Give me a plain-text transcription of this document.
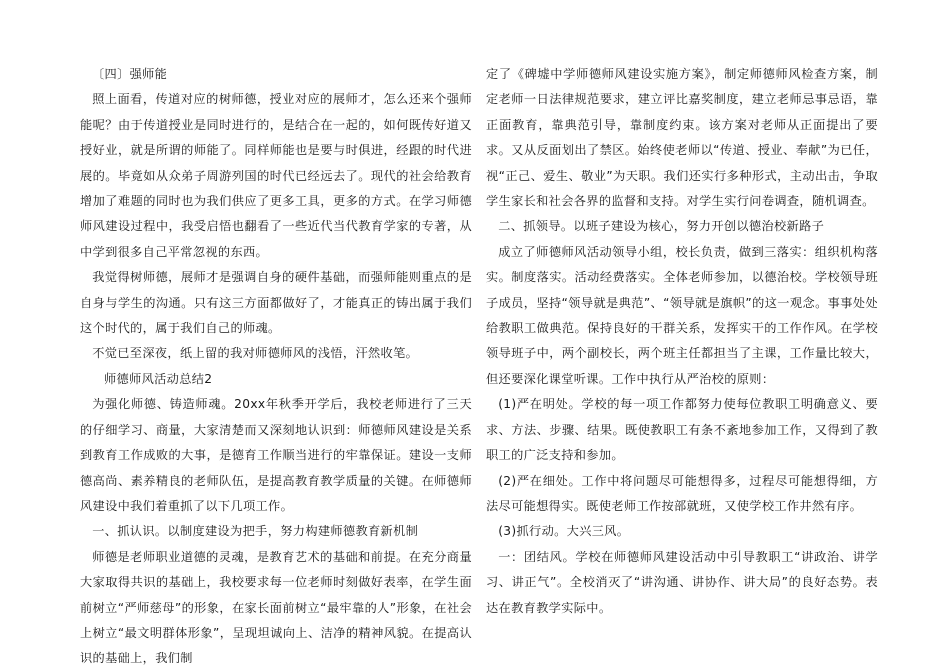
〔四〕强师能

照上面看，传道对应的树师德，授业对应的展师才，怎么还来个强师能呢？由于传道授业是同时进行的，是结合在一起的，如何既传好道又授好业，就是所谓的师能了。同样师能也是要与时俱进，经跟的时代进展的。毕竟如从众弟子周游列国的时代已经远去了。现代的社会给教育增加了难题的同时也为我们供应了更多工具，更多的方式。在学习师德师风建设过程中，我受启悟也翻看了一些近代当代教育学家的专著，从中学到很多自己平常忽视的东西。

我觉得树师德，展师才是强调自身的硬件基础，而强师能则重点的是自身与学生的沟通。只有这三方面都做好了，才能真正的铸出属于我们这个时代的，属于我们自己的师魂。

不觉已至深夜，纸上留的我对师德师风的浅悟，汗然收笔。

师德师风活动总结2

为强化师德、铸造师魂。20xx年秋季开学后，我校老师进行了三天的仔细学习、商量，大家清楚而又深刻地认识到：师德师风建设是关系到教育工作成败的大事，是德育工作顺当进行的牢靠保证。建设一支师德高尚、素养精良的老师队伍，是提高教育教学质量的关键。在师德师风建设中我们着重抓了以下几项工作。

一、抓认识。以制度建设为把手，努力构建师德教育新机制

师德是老师职业道德的灵魂，是教育艺术的基础和前提。在充分商量 大家取得共识的基础上，我校要求每一位老师时刻做好表率，在学生面前树立“严师慈母”的形象，在家长面前树立“最牢靠的人”形象，在社会上树立“最文明群体形象”，呈现坦诚向上、洁净的精神风貌。在提高认识的基础上，我们制

定了《碑墟中学师德师风建设实施方案》，制定师德师风检查方案，制定老师一日法律规范要求，建立评比嘉奖制度，建立老师忌事忌语，靠正面教育，靠典范引导，靠制度约束。该方案对老师从正面提出了要求。又从反面划出了禁区。始终使老师以“传道、授业、奉献”为已任，视“正己、爱生、敬业”为天职。我们还实行多种形式，主动出击，争取学生家长和社会各界的监督和支持。对学生实行问卷调查，随机调查。

二、抓领导。以班子建设为核心，努力开创以德治校新路子

成立了师德师风活动领导小组，校长负责，做到三落实：组织机构落实。制度落实。活动经费落实。全体老师参加，以德治校。学校领导班子成员，坚持“领导就是典范”、“领导就是旗帜”的这一观念。事事处处给教职工做典范。保持良好的干群关系，发挥实干的工作作风。在学校领导班子中，两个副校长，两个班主任都担当了主课，工作量比较大，但还要深化课堂听课。工作中执行从严治校的原则：

(1)严在明处。学校的每一项工作都努力使每位教职工明确意义、要求、方法、步骤、结果。既使教职工有条不紊地参加工作，又得到了教职工的广泛支持和参加。

(2)严在细处。工作中将问题尽可能想得多，过程尽可能想得细，方法尽可能想得实。既使老师工作按部就班，又使学校工作井然有序。

(3)抓行动。大兴三风。

一：团结风。学校在师德师风建设活动中引导教职工“讲政治、讲学习、讲正气”。全校消灭了“讲沟通、讲协作、讲大局”的良好态势。表达在教育教学实际中。
